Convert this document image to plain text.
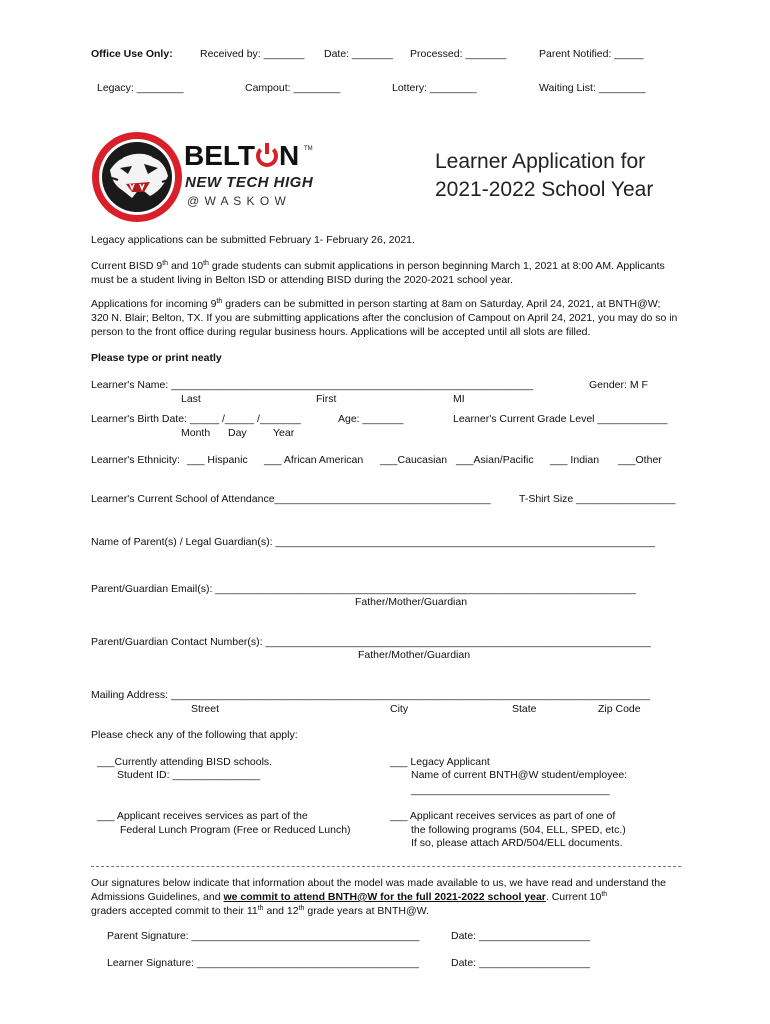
Office Use Only:	Received by: _______ Date: _______ Processed: _______	Parent Notified: _____
Legacy: ________	Campout: ________	Lottery: ________	Waiting List: ________
BELT N TM
NEW TECH HIGH
@ W A S K O W
Learner Application for
2021-2022 School Year
Legacy applications can be submitted February 1- February 26, 2021.
Current BISD 9th and 10th grade students can submit applications in person beginning March 1, 2021 at 8:00 AM. Applicants
must be a student living in Belton ISD or attending BISD during the 2020-2021 school year.
Applications for incoming 9th graders can be submitted in person starting at 8am on Saturday, April 24, 2021, at BNTH@W;
320 N. Blair; Belton, TX. If you are submitting applications after the conclusion of Campout on April 24, 2021, you may do so in
person to the front office during regular business hours. Applications will be accepted until all slots are filled.
Please type or print neatly
Learner's Name: ______________________________________________________________	Gender: M F
Last	First	MI
Learner's Birth Date: _____ /_____ /_______	Age: _______	Learner's Current Grade Level ____________
Month Day	Year
Learner's Ethnicity: ___ Hispanic ___ African American ___Caucasian ___Asian/Pacific ___ Indian ___Other
Learner's Current School of Attendance_____________________________________	T-Shirt Size _________________
Name of Parent(s) / Legal Guardian(s): _________________________________________________________________
Parent/Guardian Email(s): ________________________________________________________________________
Father/Mother/Guardian
Parent/Guardian Contact Number(s): __________________________________________________________________
Father/Mother/Guardian
Mailing Address: __________________________________________________________________________________
Street	City	State	Zip Code
Please check any of the following that apply:
___Currently attending BISD schools.
Student ID: _______________
___ Legacy Applicant
Name of current BNTH@W student/employee:
__________________________________
___ Applicant receives services as part of the
Federal Lunch Program (Free or Reduced Lunch)
___ Applicant receives services as part of one of
the following programs (504, ELL, SPED, etc.)
If so, please attach ARD/504/ELL documents.
Our signatures below indicate that information about the model was made available to us, we have read and understand the
Admissions Guidelines, and we commit to attend BNTH@W for the full 2021-2022 school year. Current 10th
graders accepted commit to their 11th and 12th grade years at BNTH@W.
Parent Signature: _______________________________________	Date: ___________________
Learner Signature: ______________________________________	Date: ___________________
